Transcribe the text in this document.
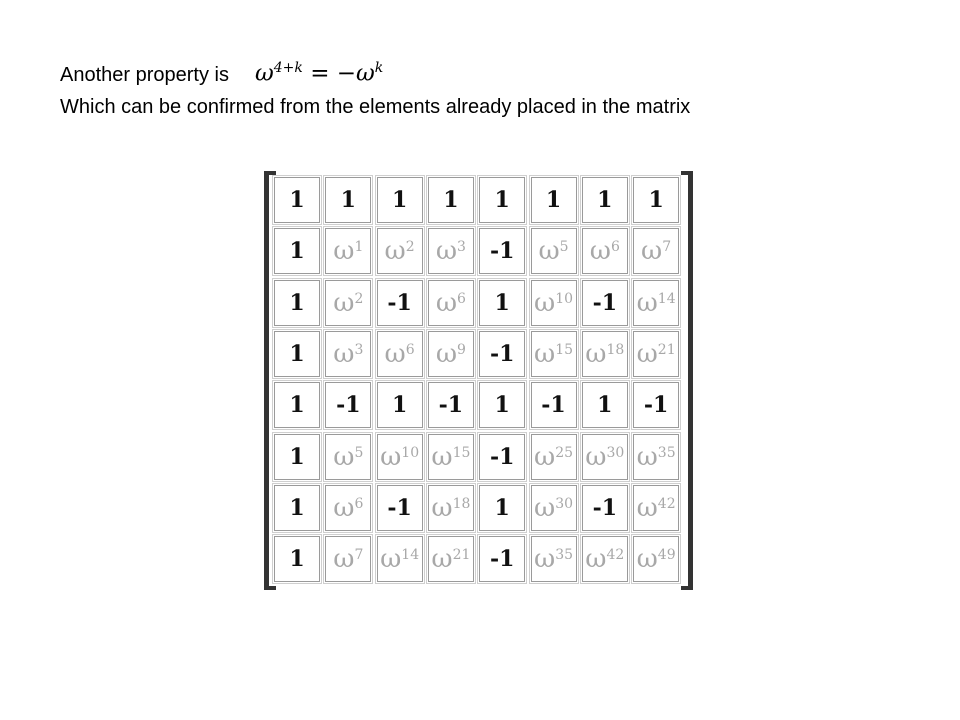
Another property is $\omega^{4+k} = -\omega^k$
Which can be confirmed from the elements already placed in the matrix
1	1	1	1	1	1	1	1
1	$\omega^1$ $\omega^2$ $\omega^3$	-1 $\omega^5$ $\omega^6$ $\omega^7$
1	$\omega^2$	-1 $\omega^6$	1 $\omega^{10}$ -1 $\omega^{14}$
1	$\omega^3$ $\omega^6$ $\omega^9$	-1 $\omega^{15}$ $\omega^{18}$ $\omega^{21}$
1	-1	1	-1	1	-1	1	-1
1	$\omega^5$ $\omega^{10}$ $\omega^{15}$ -1 $\omega^{25}$ $\omega^{30}$ $\omega^{35}$
1	$\omega^6$	-1 $\omega^{18}$	1 $\omega^{30}$ -1 $\omega^{42}$
1	$\omega^7$ $\omega^{14}$ $\omega^{21}$ -1 $\omega^{35}$ $\omega^{42}$ $\omega^{49}$
